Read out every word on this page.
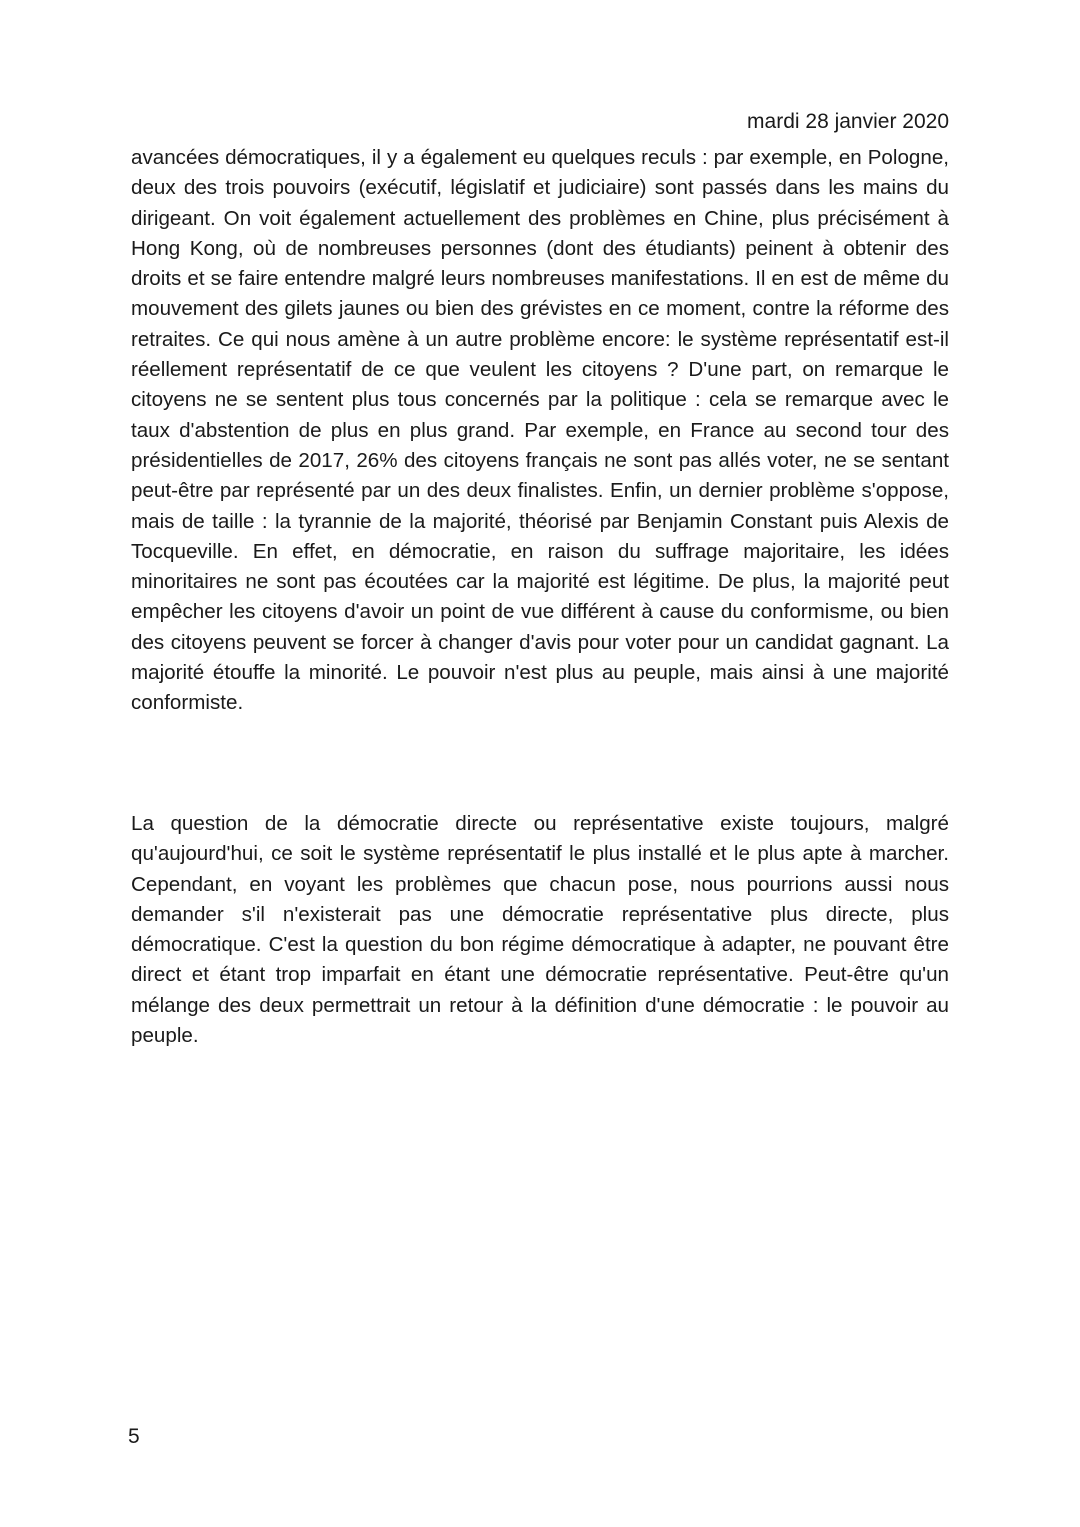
mardi 28 janvier 2020

avancées démocratiques, il y a également eu quelques reculs : par exemple, en Pologne, deux des trois pouvoirs (exécutif, législatif et judiciaire) sont passés dans les mains du dirigeant. On voit également actuellement des problèmes en Chine, plus précisément à Hong Kong, où de nombreuses personnes (dont des étudiants) peinent à obtenir des droits et se faire entendre malgré leurs nombreuses manifestations. Il en est de même du mouvement des gilets jaunes ou bien des grévistes en ce moment, contre la réforme des retraites. Ce qui nous amène à un autre problème encore: le système représentatif est-il réellement représentatif de ce que veulent les citoyens ? D'une part, on remarque le citoyens ne se sentent plus tous concernés par la politique : cela se remarque avec le taux d'abstention de plus en plus grand. Par exemple, en France au second tour des présidentielles de 2017, 26% des citoyens français ne sont pas allés voter, ne se sentant peut-être par représenté par un des deux finalistes. Enfin, un dernier problème s'oppose, mais de taille : la tyrannie de la majorité, théorisé par Benjamin Constant puis Alexis de Tocqueville. En effet, en démocratie, en raison du suffrage majoritaire, les idées minoritaires ne sont pas écoutées car la majorité est légitime. De plus, la majorité peut empêcher les citoyens d'avoir un point de vue différent à cause du conformisme, ou bien des citoyens peuvent se forcer à changer d'avis pour voter pour un candidat gagnant. La majorité étouffe la minorité. Le pouvoir n'est plus au peuple, mais ainsi à une majorité conformiste.

La question de la démocratie directe ou représentative existe toujours, malgré qu'aujourd'hui, ce soit le système représentatif le plus installé et le plus apte à marcher. Cependant, en voyant les problèmes que chacun pose, nous pourrions aussi nous demander s'il n'existerait pas une démocratie représentative plus directe, plus démocratique. C'est la question du bon régime démocratique à adapter, ne pouvant être direct et étant trop imparfait en étant une démocratie représentative. Peut-être qu'un mélange des deux permettrait un retour à la définition d'une démocratie : le pouvoir au peuple.

5
